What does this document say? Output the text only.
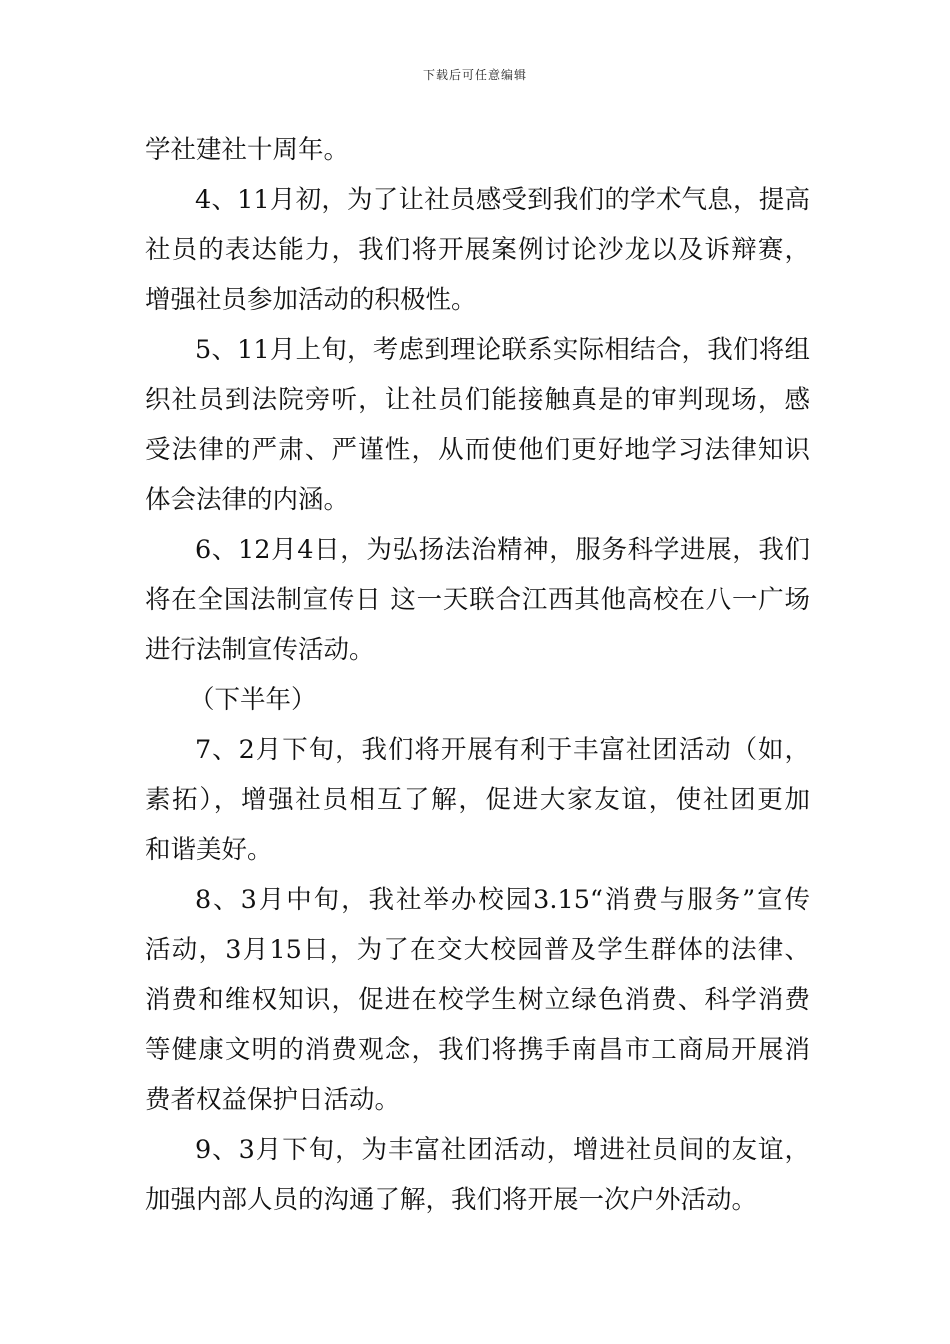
下载后可任意编辑
学社建社十周年。
4、11月初，为了让社员感受到我们的学术气息，提高
社员的表达能力，我们将开展案例讨论沙龙以及诉辩赛，
增强社员参加活动的积极性。
5、11月上旬，考虑到理论联系实际相结合，我们将组
织社员到法院旁听，让社员们能接触真是的审判现场，感
受法律的严肃、严谨性，从而使他们更好地学习法律知识
体会法律的内涵。
6、12月4日，为弘扬法治精神，服务科学进展，我们
将在全国法制宣传日 这一天联合江西其他高校在八一广场
进行法制宣传活动。
（下半年）
7、2月下旬，我们将开展有利于丰富社团活动（如，
素拓），增强社员相互了解，促进大家友谊，使社团更加
和谐美好。
8、3月中旬，我社举办校园3.15“消费与服务”宣传
活动，3月15日，为了在交大校园普及学生群体的法律、
消费和维权知识，促进在校学生树立绿色消费、科学消费
等健康文明的消费观念，我们将携手南昌市工商局开展消
费者权益保护日活动。
9、3月下旬，为丰富社团活动，增进社员间的友谊，
加强内部人员的沟通了解，我们将开展一次户外活动。
